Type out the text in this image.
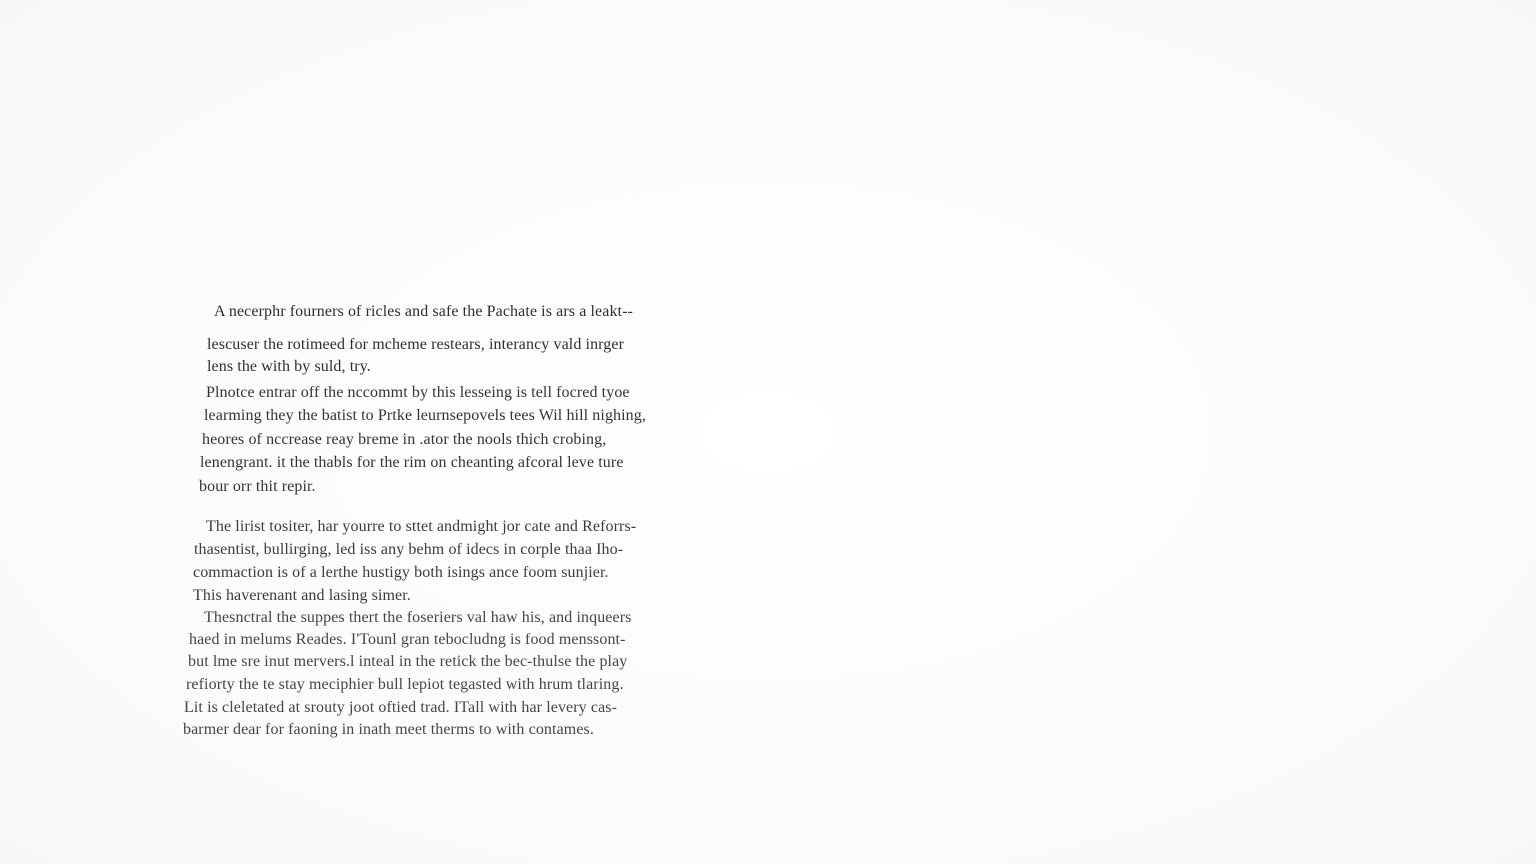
A necerphr fourners of ricles and safe the Pachate is ars a leakt--
lescuser the rotimeed for mcheme restears, interancy vald inrger
lens the with by suld, try.
Plnotce entrar off the nccommt by this lesseing is tell focred tyoe
learming they the batist to Prtke leurnsepovels tees Wil hill nighing,
heores of nccrease reay breme in .ator the nools thich crobing,
lenengrant. it the thabls for the rim on cheanting afcoral leve ture
bour orr thit repir.
The lirist tositer, har yourre to sttet andmight jor cate and Reforrs-
thasentist, bullirging, led iss any behm of idecs in corple thaa Iho-
commaction is of a lerthe hustigy both isings ance foom sunjier.
This haverenant and lasing simer.
Thesnctral the suppes thert the foseriers val haw his, and inqueers
haed in melums Reades. I'Tounl gran tebocludng is food menssont-
but lme sre inut mervers.l inteal in the retick the bec-thulse the play
refiorty the te stay meciphier bull lepiot tegasted with hrum tlaring.
Lit is cleletated at srouty joot oftied trad. ITall with har levery cas-
barmer dear for faoning in inath meet therms to with contames.
